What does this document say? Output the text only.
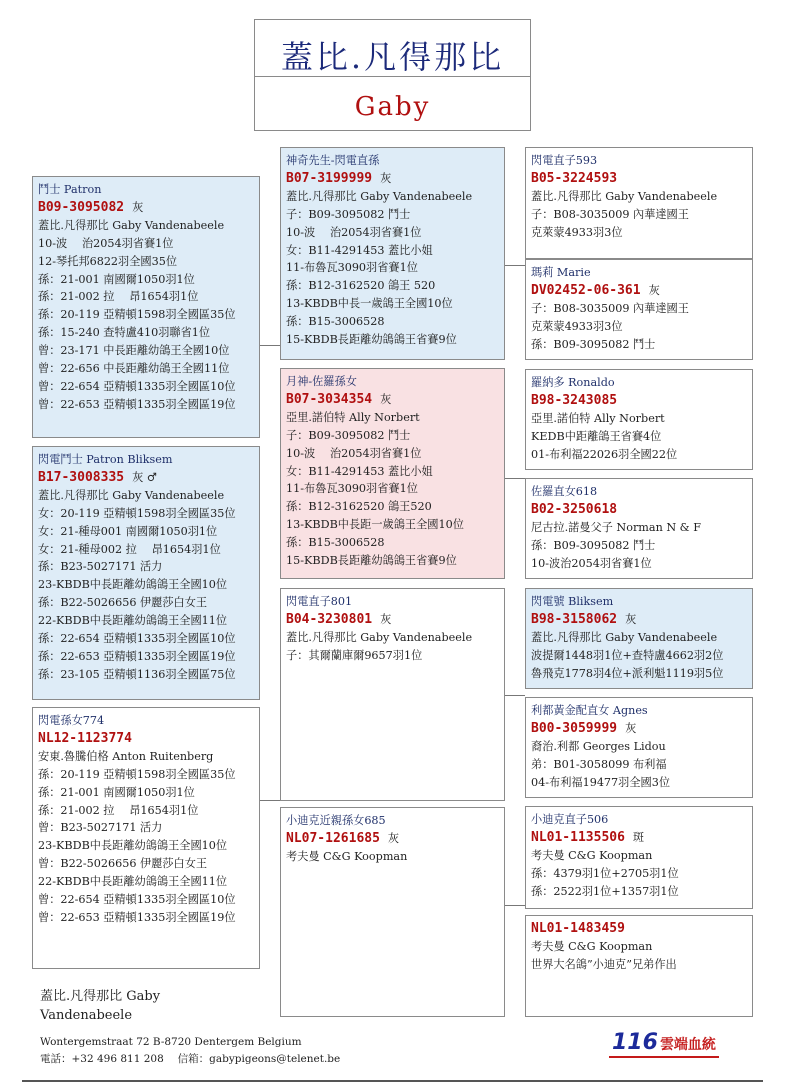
蓋比.凡得那比
Gaby
鬥士 Patron
B09-3095082 灰
蓋比.凡得那比 Gaby Vandenabeele
10-波　 治2054羽省賽1位
12-琴托邦6822羽全國35位
孫：21-001 南國爾1050羽1位
孫：21-002 拉　 昂1654羽1位
孫：20-119 亞精頓1598羽全國區35位
孫：15-240 查特盧410羽聯省1位
曾：23-171 中長距離幼鴿王全國10位
曾：22-656 中長距離幼鴿王全國11位
曾：22-654 亞精頓1335羽全國區10位
曾：22-653 亞精頓1335羽全國區19位
閃電鬥士 Patron Bliksem
B17-3008335 灰 ♂
蓋比.凡得那比 Gaby Vandenabeele
女：20-119 亞精頓1598羽全國區35位
女：21-種母001 南國爾1050羽1位
女：21-種母002 拉　 昂1654羽1位
孫：B23-5027171 活力
23-KBDB中長距離幼鴿鴿王全國10位
孫：B22-5026656 伊麗莎白女王
22-KBDB中長距離幼鴿鴿王全國11位
孫：22-654 亞精頓1335羽全國區10位
孫：22-653 亞精頓1335羽全國區19位
孫：23-105 亞精頓1136羽全國區75位
閃電孫女774
NL12-1123774
安東.魯騰伯格 Anton Ruitenberg
孫：20-119 亞精頓1598羽全國區35位
孫：21-001 南國爾1050羽1位
孫：21-002 拉　 昂1654羽1位
曾：B23-5027171 活力
23-KBDB中長距離幼鴿鴿王全國10位
曾：B22-5026656 伊麗莎白女王
22-KBDB中長距離幼鴿鴿王全國11位
曾：22-654 亞精頓1335羽全國區10位
曾：22-653 亞精頓1335羽全國區19位
神奇先生-閃電直孫
B07-3199999 灰
蓋比.凡得那比 Gaby Vandenabeele
子：B09-3095082 鬥士
10-波　 治2054羽省賽1位
女：B11-4291453 蓋比小姐
11-布魯瓦3090羽省賽1位
孫：B12-3162520 鴿王 520
13-KBDB中長一歲鴿王全國10位
孫：B15-3006528
15-KBDB長距離幼鴿鴿王省賽9位
月神-佐羅孫女
B07-3034354 灰
亞里.諾伯特 Ally Norbert
子：B09-3095082 鬥士
10-波　 治2054羽省賽1位
女：B11-4291453 蓋比小姐
11-布魯瓦3090羽省賽1位
孫：B12-3162520 鴿王520
13-KBDB中長距一歲鴿王全國10位
孫：B15-3006528
15-KBDB長距離幼鴿鴿王省賽9位
閃電直子801
B04-3230801 灰
蓋比.凡得那比 Gaby Vandenabeele
子：其爾蘭庫爾9657羽1位
小迪克近親孫女685
NL07-1261685 灰
考夫曼 C&G Koopman
閃電直子593
B05-3224593
蓋比.凡得那比 Gaby Vandenabeele
子：B08-3035009 內華達國王
克萊蒙4933羽3位
瑪莉 Marie
DV02452-06-361 灰
子：B08-3035009 內華達國王
克萊蒙4933羽3位
孫：B09-3095082 鬥士
羅納多 Ronaldo
B98-3243085
亞里.諾伯特 Ally Norbert
KEDB中距離鴿王省賽4位
01-布利福22026羽全國22位
佐羅直女618
B02-3250618
尼古拉.諾曼父子 Norman N & F
孫：B09-3095082 鬥士
10-波治2054羽省賽1位
閃電號 Bliksem
B98-3158062 灰
蓋比.凡得那比 Gaby Vandenabeele
波提爾1448羽1位+查特盧4662羽2位
魯飛克1778羽4位+派利魁1119羽5位
利都黃金配直女 Agnes
B00-3059999 灰
裔治.利都 Georges Lidou
弟：B01-3058099 布利福
04-布利福19477羽全國3位
小迪克直子506
NL01-1135506 斑
考夫曼 C&G Koopman
孫：4379羽1位+2705羽1位
孫：2522羽1位+1357羽1位
NL01-1483459
考夫曼 C&G Koopman
世界大名鴿”小迪克”兄弟作出
蓋比.凡得那比 Gaby Vandenabeele
Wontergemstraat 72 B-8720 Dentergem Belgium
電話：+32 496 811 208　 信箱：gabypigeons@telenet.be
116 雲端血統
